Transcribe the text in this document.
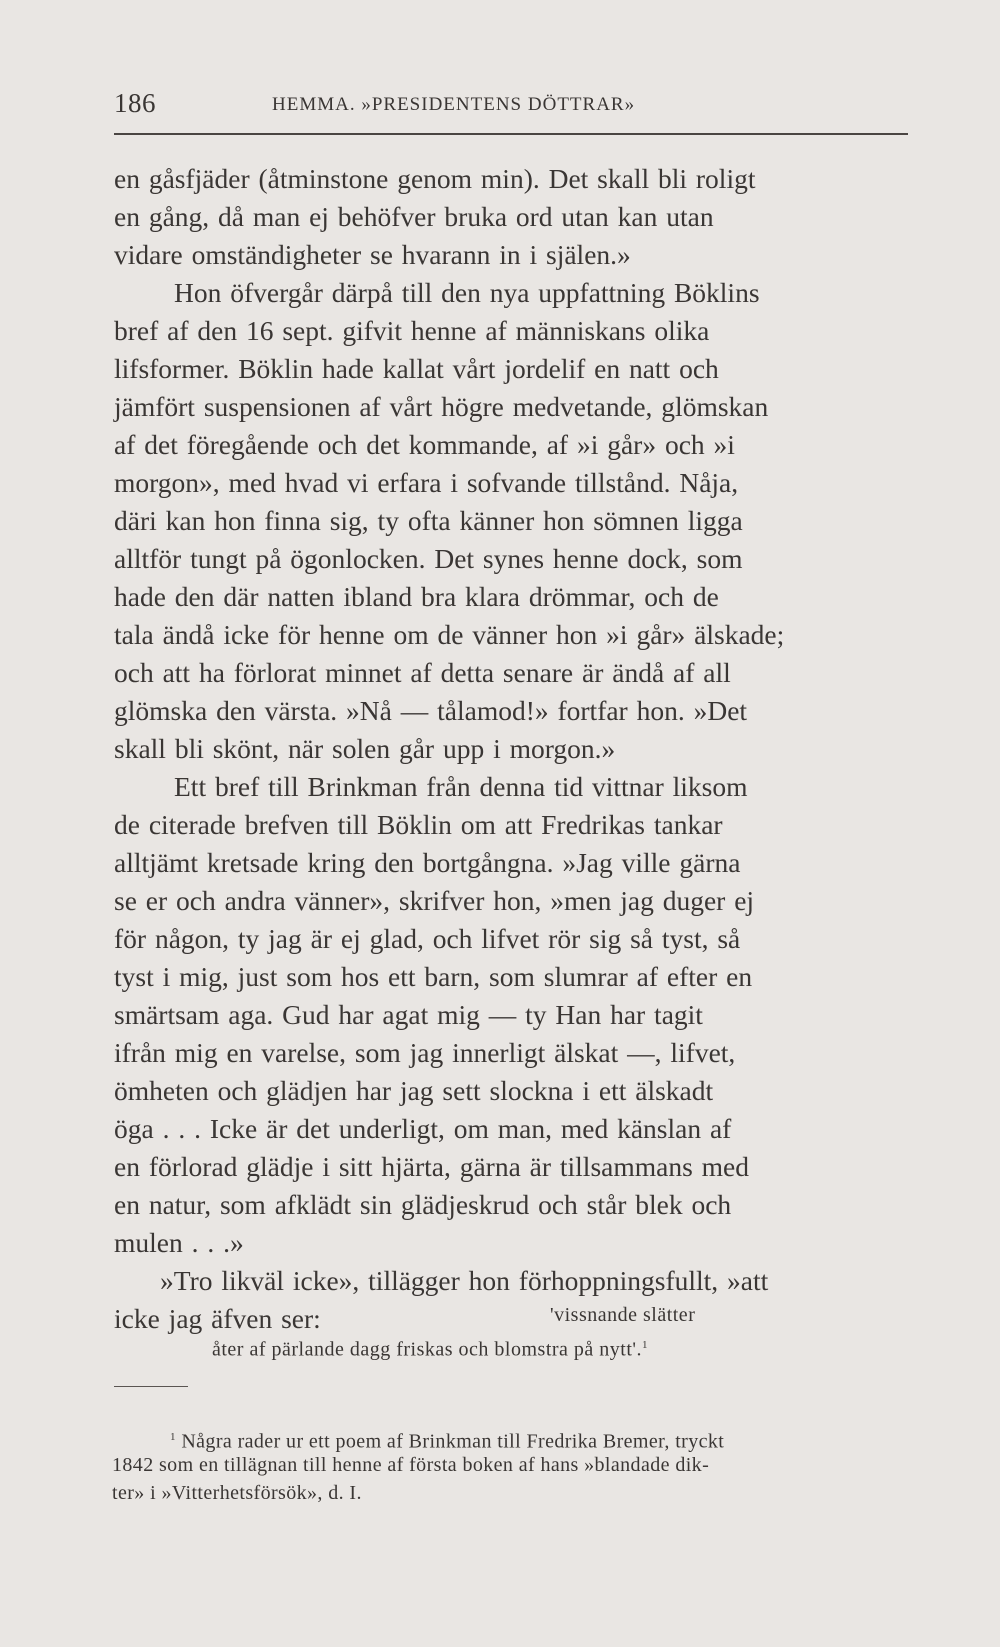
186	HEMMA. »PRESIDENTENS DÖTTRAR»
en gåsfjäder (åtminstone genom min). Det skall bli roligt
en gång, då man ej behöfver bruka ord utan kan utan
vidare omständigheter se hvarann in i själen.»
Hon öfvergår därpå till den nya uppfattning Böklins
bref af den 16 sept. gifvit henne af människans olika
lifsformer. Böklin hade kallat vårt jordelif en natt och
jämfört suspensionen af vårt högre medvetande, glömskan
af det föregående och det kommande, af »i går» och »i
morgon», med hvad vi erfara i sofvande tillstånd. Nåja,
däri kan hon finna sig, ty ofta känner hon sömnen ligga
alltför tungt på ögonlocken. Det synes henne dock, som
hade den där natten ibland bra klara drömmar, och de
tala ändå icke för henne om de vänner hon »i går» älskade;
och att ha förlorat minnet af detta senare är ändå af all
glömska den värsta. »Nå — tålamod!» fortfar hon. »Det
skall bli skönt, när solen går upp i morgon.»
Ett bref till Brinkman från denna tid vittnar liksom
de citerade brefven till Böklin om att Fredrikas tankar
alltjämt kretsade kring den bortgångna. »Jag ville gärna
se er och andra vänner», skrifver hon, »men jag duger ej
för någon, ty jag är ej glad, och lifvet rör sig så tyst, så
tyst i mig, just som hos ett barn, som slumrar af efter en
smärtsam aga. Gud har agat mig — ty Han har tagit
ifrån mig en varelse, som jag innerligt älskat —, lifvet,
ömheten och glädjen har jag sett slockna i ett älskadt
öga . . . Icke är det underligt, om man, med känslan af
en förlorad glädje i sitt hjärta, gärna är tillsammans med
en natur, som afklädt sin glädjeskrud och står blek och
mulen . . .»
»Tro likväl icke», tillägger hon förhoppningsfullt, »att
icke jag äfven ser:	'vissnande slätter
åter af pärlande dagg friskas och blomstra på nytt'.$^1$
$^1$ Några rader ur ett poem af Brinkman till Fredrika Bremer, tryckt
1842 som en tillägnan till henne af första boken af hans »blandade dik-
ter» i »Vitterhetsförsök», d. I.
